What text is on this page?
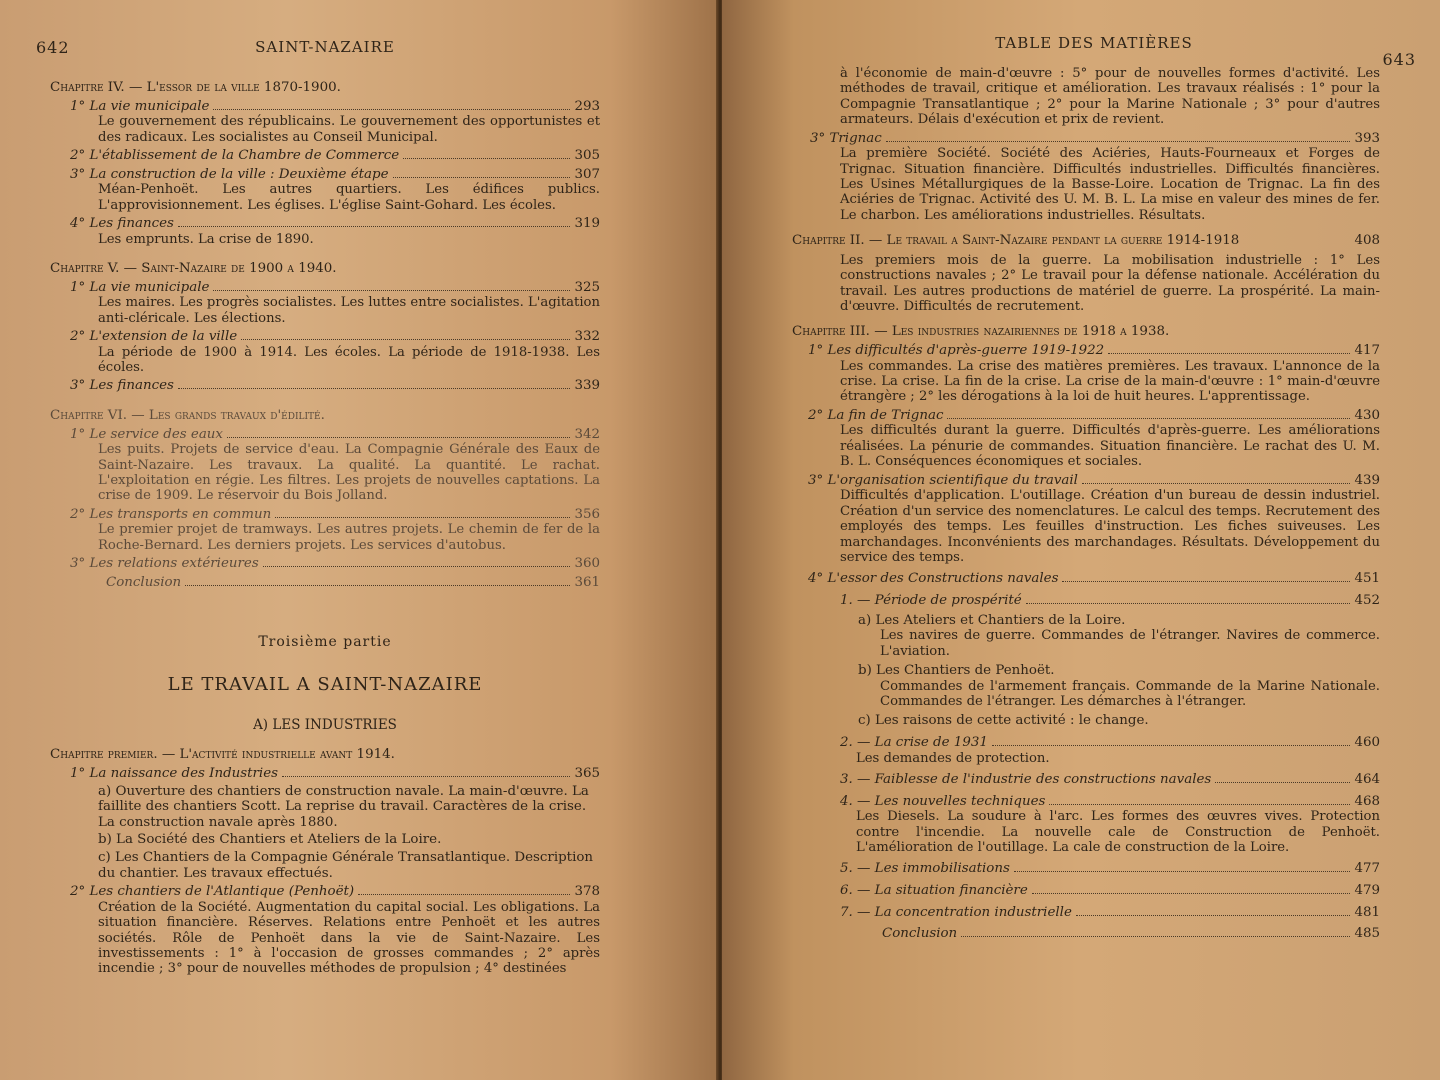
642	SAINT-NAZAIRE
Chapitre IV. — L'essor de la ville 1870-1900.
1° La vie municipale	293
Le gouvernement des républicains. Le gouvernement des opportunistes et des radicaux. Les socialistes au Conseil Municipal.
2° L'établissement de la Chambre de Commerce	305
3° La construction de la ville : Deuxième étape	307
Méan-Penhoët. Les autres quartiers. Les édifices publics. L'approvisionnement. Les églises. L'église Saint-Gohard. Les écoles.
4° Les finances	319
Les emprunts. La crise de 1890.
Chapitre V. — Saint-Nazaire de 1900 a 1940.
1° La vie municipale	325
Les maires. Les progrès socialistes. Les luttes entre socialistes. L'agitation anti-cléricale. Les élections.
2° L'extension de la ville	332
La période de 1900 à 1914. Les écoles. La période de 1918-1938. Les écoles.
3° Les finances	339
Chapitre VI. — Les grands travaux d'édilité.
1° Le service des eaux	342
Les puits. Projets de service d'eau. La Compagnie Générale des Eaux de Saint-Nazaire. Les travaux. La qualité. La quantité. Le rachat. L'exploitation en régie. Les filtres. Les projets de nouvelles captations. La crise de 1909. Le réservoir du Bois Jolland.
2° Les transports en commun	356
Le premier projet de tramways. Les autres projets. Le chemin de fer de la Roche-Bernard. Les derniers projets. Les services d'autobus.
3° Les relations extérieures	360
Conclusion	361
Troisième partie
LE TRAVAIL A SAINT-NAZAIRE
A) LES INDUSTRIES
Chapitre premier. — L'activité industrielle avant 1914.
1° La naissance des Industries	365
a) Ouverture des chantiers de construction navale. La main-d'œuvre. La faillite des chantiers Scott. La reprise du travail. Caractères de la crise. La construction navale après 1880.
b) La Société des Chantiers et Ateliers de la Loire.
c) Les Chantiers de la Compagnie Générale Transatlantique. Description du chantier. Les travaux effectués.
2° Les chantiers de l'Atlantique (Penhoët)	378
Création de la Société. Augmentation du capital social. Les obligations. La situation financière. Réserves. Relations entre Penhoët et les autres sociétés. Rôle de Penhoët dans la vie de Saint-Nazaire. Les investissements : 1° à l'occasion de grosses commandes ; 2° après incendie ; 3° pour de nouvelles méthodes de propulsion ; 4° destinées
TABLE DES MATIÈRES
643
à l'économie de main-d'œuvre : 5° pour de nouvelles formes d'activité. Les méthodes de travail, critique et amélioration. Les travaux réalisés : 1° pour la Compagnie Transatlantique ; 2° pour la Marine Nationale ; 3° pour d'autres armateurs. Délais d'exécution et prix de revient.
3° Trignac	393
La première Société. Société des Aciéries, Hauts-Fourneaux et Forges de Trignac. Situation financière. Difficultés industrielles. Difficultés financières. Les Usines Métallurgiques de la Basse-Loire. Location de Trignac. La fin des Aciéries de Trignac. Activité des U. M. B. L. La mise en valeur des mines de fer. Le charbon. Les améliorations industrielles. Résultats.
Chapitre II. — Le travail a Saint-Nazaire pendant la guerre 1914-1918	408
Les premiers mois de la guerre. La mobilisation industrielle : 1° Les constructions navales ; 2° Le travail pour la défense nationale. Accélération du travail. Les autres productions de matériel de guerre. La prospérité. La main-d'œuvre. Difficultés de recrutement.
Chapitre III. — Les industries nazairiennes de 1918 a 1938.
1° Les difficultés d'après-guerre 1919-1922	417
Les commandes. La crise des matières premières. Les travaux. L'annonce de la crise. La crise. La fin de la crise. La crise de la main-d'œuvre : 1° main-d'œuvre étrangère ; 2° les dérogations à la loi de huit heures. L'apprentissage.
2° La fin de Trignac	430
Les difficultés durant la guerre. Difficultés d'après-guerre. Les améliorations réalisées. La pénurie de commandes. Situation financière. Le rachat des U. M. B. L. Conséquences économiques et sociales.
3° L'organisation scientifique du travail	439
Difficultés d'application. L'outillage. Création d'un bureau de dessin industriel. Création d'un service des nomenclatures. Le calcul des temps. Recrutement des employés des temps. Les feuilles d'instruction. Les fiches suiveuses. Les marchandages. Inconvénients des marchandages. Résultats. Développement du service des temps.
4° L'essor des Constructions navales	451
1. — Période de prospérité	452
a) Les Ateliers et Chantiers de la Loire.
Les navires de guerre. Commandes de l'étranger. Navires de commerce. L'aviation.
b) Les Chantiers de Penhoët.
Commandes de l'armement français. Commande de la Marine Nationale. Commandes de l'étranger. Les démarches à l'étranger.
c) Les raisons de cette activité : le change.
2. — La crise de 1931	460
Les demandes de protection.
3. — Faiblesse de l'industrie des constructions navales	464
4. — Les nouvelles techniques	468
Les Diesels. La soudure à l'arc. Les formes des œuvres vives. Protection contre l'incendie. La nouvelle cale de Construction de Penhoët. L'amélioration de l'outillage. La cale de construction de la Loire.
5. — Les immobilisations	477
6. — La situation financière	479
7. — La concentration industrielle	481
Conclusion	485
